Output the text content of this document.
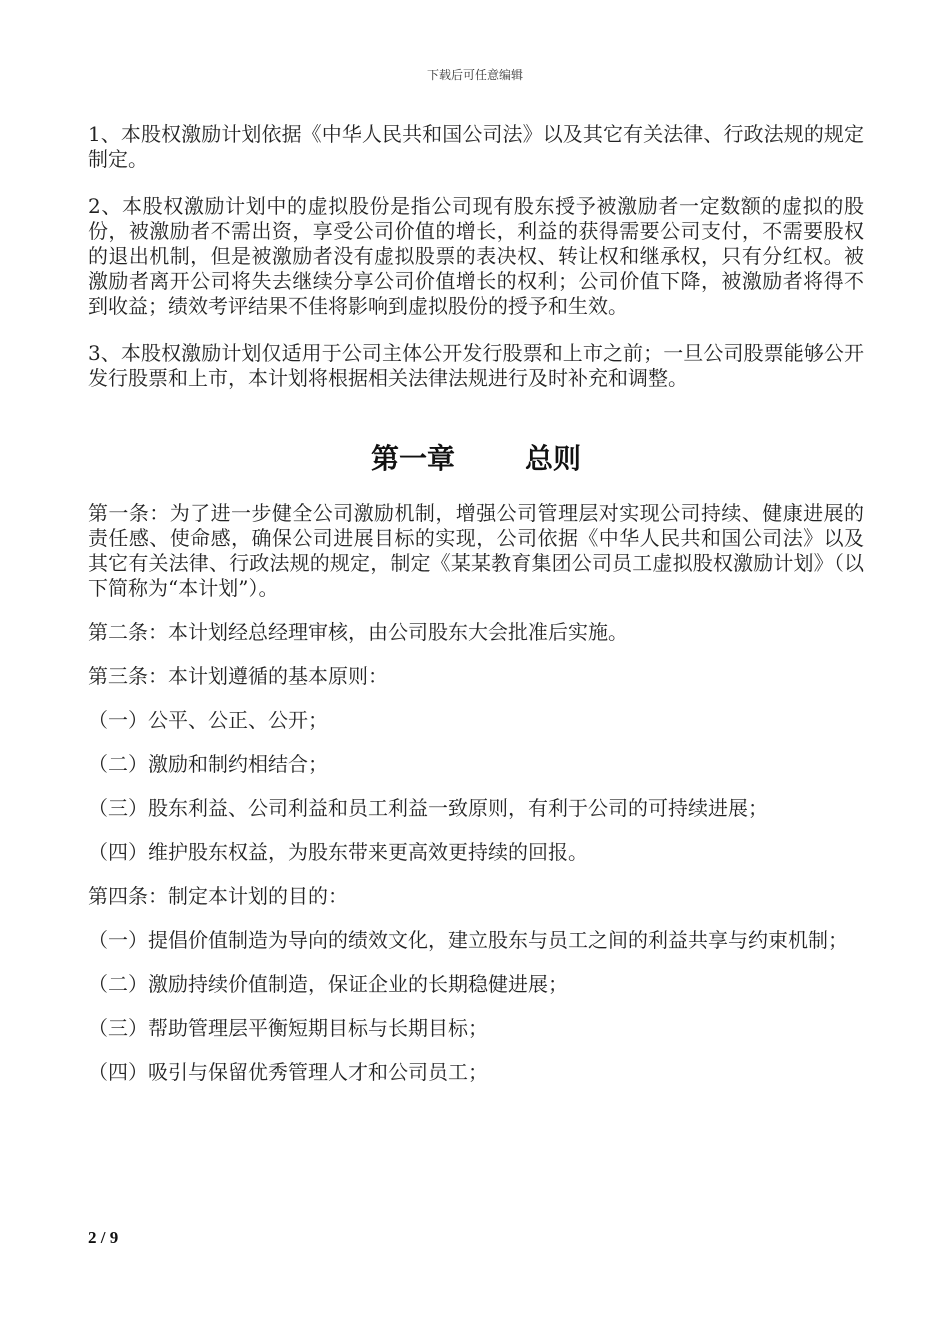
下载后可任意编辑

1、本股权激励计划依据《中华人民共和国公司法》以及其它有关法律、行政法规的规定制定。

2、本股权激励计划中的虚拟股份是指公司现有股东授予被激励者一定数额的虚拟的股份，被激励者不需出资，享受公司价值的增长，利益的获得需要公司支付，不需要股权的退出机制，但是被激励者没有虚拟股票的表决权、转让权和继承权，只有分红权。被激励者离开公司将失去继续分享公司价值增长的权利；公司价值下降，被激励者将得不到收益；绩效考评结果不佳将影响到虚拟股份的授予和生效。

3、本股权激励计划仅适用于公司主体公开发行股票和上市之前；一旦公司股票能够公开发行股票和上市，本计划将根据相关法律法规进行及时补充和调整。

第一章	总则

第一条：为了进一步健全公司激励机制，增强公司管理层对实现公司持续、健康进展的责任感、使命感，确保公司进展目标的实现，公司依据《中华人民共和国公司法》以及其它有关法律、行政法规的规定，制定《某某教育集团公司员工虚拟股权激励计划》（以下简称为“本计划”）。

第二条：本计划经总经理审核，由公司股东大会批准后实施。

第三条：本计划遵循的基本原则：

（一）公平、公正、公开；

（二）激励和制约相结合；

（三）股东利益、公司利益和员工利益一致原则，有利于公司的可持续进展；

（四）维护股东权益，为股东带来更高效更持续的回报。

第四条：制定本计划的目的：

（一）提倡价值制造为导向的绩效文化，建立股东与员工之间的利益共享与约束机制；

（二）激励持续价值制造，保证企业的长期稳健进展；

（三）帮助管理层平衡短期目标与长期目标；

（四）吸引与保留优秀管理人才和公司员工；

2 / 9
